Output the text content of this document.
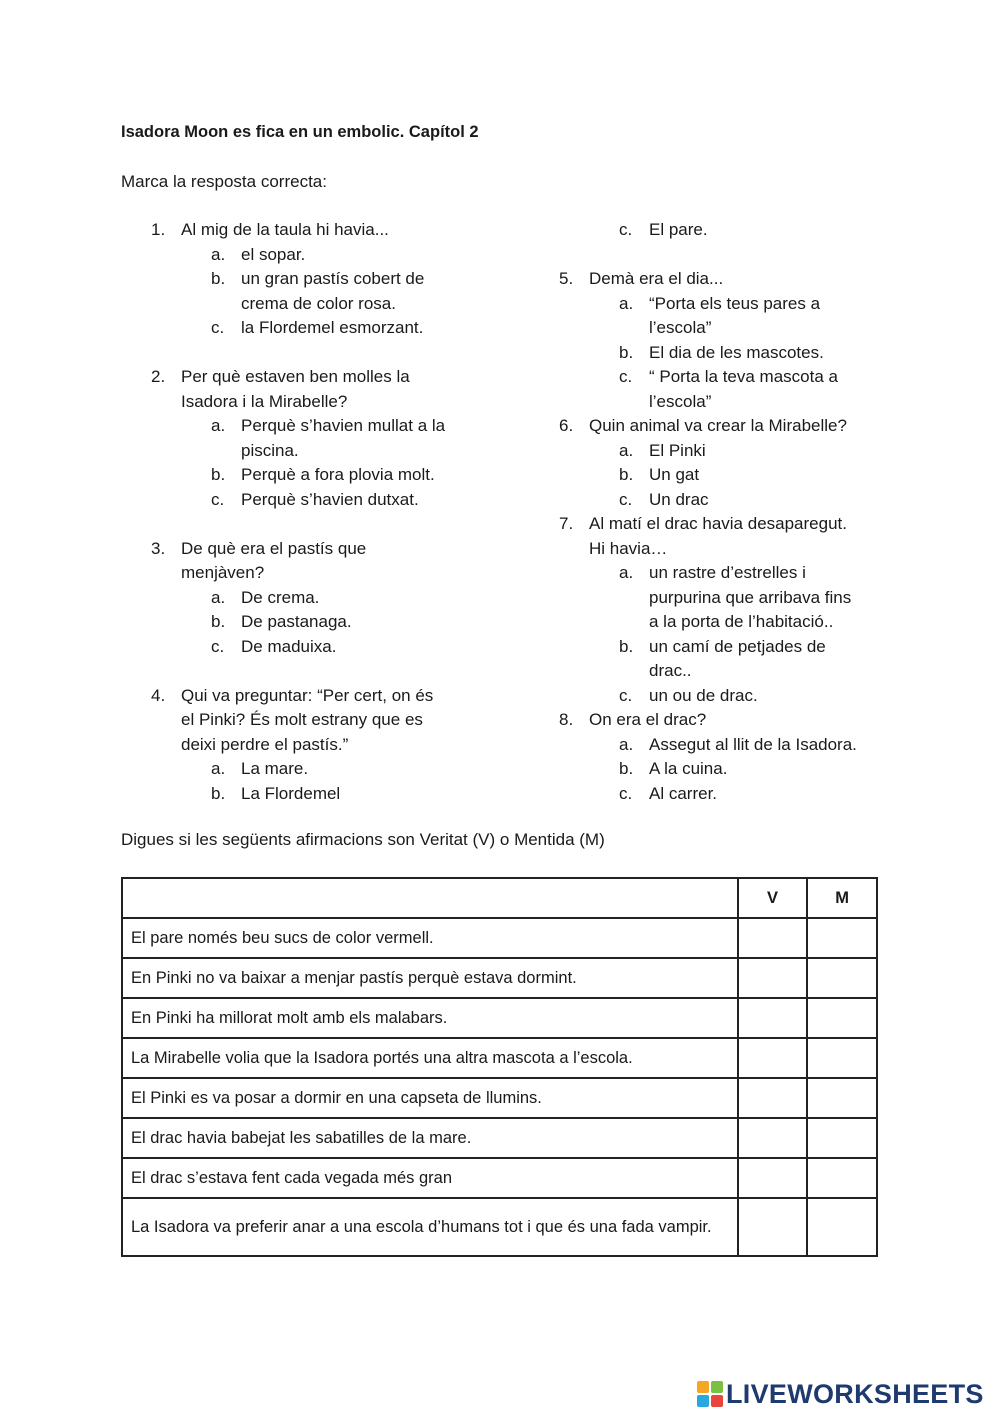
Isadora Moon es fica en un embolic. Capítol 2
Marca la resposta correcta:
1. Al mig de la taula hi havia...
a. el sopar.
b. un gran pastís cobert de
crema de color rosa.
c. la Flordemel esmorzant.
2. Per què estaven ben molles la
Isadora i la Mirabelle?
a. Perquè s’havien mullat a la
piscina.
b. Perquè a fora plovia molt.
c. Perquè s’havien dutxat.
3. De què era el pastís que
menjàven?
a. De crema.
b. De pastanaga.
c. De maduixa.
4. Qui va preguntar: “Per cert, on és
el Pinki? És molt estrany que es
deixi perdre el pastís.”
a. La mare.
b. La Flordemel
c. El pare.
5. Demà era el dia...
a. “Porta els teus pares a
l’escola”
b. El dia de les mascotes.
c. “ Porta la teva mascota a
l’escola”
6. Quin animal va crear la Mirabelle?
a. El Pinki
b. Un gat
c. Un drac
7. Al matí el drac havia desaparegut.
Hi havia…
a. un rastre d’estrelles i
purpurina que arribava fins
a la porta de l’habitació..
b. un camí de petjades de
drac..
c. un ou de drac.
8. On era el drac?
a. Assegut al llit de la Isadora.
b. A la cuina.
c. Al carrer.
Digues si les següents afirmacions son Veritat (V) o Mentida (M)
	V	M
El pare només beu sucs de color vermell.		
En Pinki no va baixar a menjar pastís perquè estava dormint.		
En Pinki ha millorat molt amb els malabars.		
La Mirabelle volia que la Isadora portés una altra mascota a l’escola.		
El Pinki es va posar a dormir en una capseta de llumins.		
El drac havia babejat les sabatilles de la mare.		
El drac s’estava fent cada vegada més gran		
La Isadora va preferir anar a una escola d’humans tot i que és una fada vampir.		
LIVEWORKSHEETS
